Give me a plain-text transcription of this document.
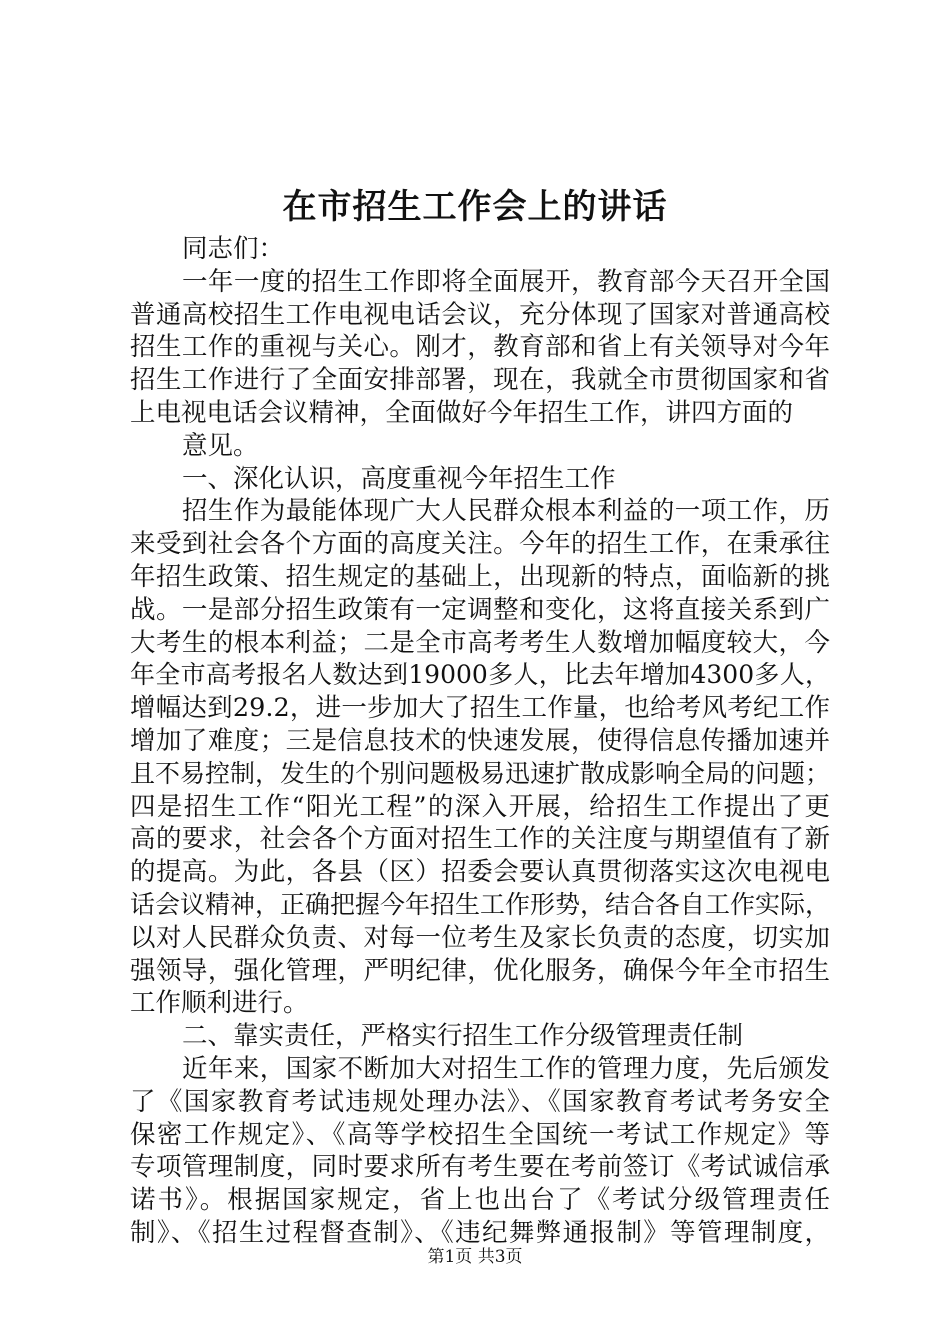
在市招生工作会上的讲话
同志们：
一年一度的招生工作即将全面展开，教育部今天召开全国
普通高校招生工作电视电话会议，充分体现了国家对普通高校
招生工作的重视与关心。刚才，教育部和省上有关领导对今年
招生工作进行了全面安排部署，现在，我就全市贯彻国家和省
上电视电话会议精神，全面做好今年招生工作，讲四方面的
意见。
一、深化认识，高度重视今年招生工作
招生作为最能体现广大人民群众根本利益的一项工作，历
来受到社会各个方面的高度关注。今年的招生工作，在秉承往
年招生政策、招生规定的基础上，出现新的特点，面临新的挑
战。一是部分招生政策有一定调整和变化，这将直接关系到广
大考生的根本利益；二是全市高考考生人数增加幅度较大，今
年全市高考报名人数达到19000多人，比去年增加4300多人，
增幅达到29.2，进一步加大了招生工作量，也给考风考纪工作
增加了难度；三是信息技术的快速发展，使得信息传播加速并
且不易控制，发生的个别问题极易迅速扩散成影响全局的问题；
四是招生工作“阳光工程”的深入开展，给招生工作提出了更
高的要求，社会各个方面对招生工作的关注度与期望值有了新
的提高。为此，各县（区）招委会要认真贯彻落实这次电视电
话会议精神，正确把握今年招生工作形势，结合各自工作实际，
以对人民群众负责、对每一位考生及家长负责的态度，切实加
强领导，强化管理，严明纪律，优化服务，确保今年全市招生
工作顺利进行。
二、靠实责任，严格实行招生工作分级管理责任制
近年来，国家不断加大对招生工作的管理力度，先后颁发
了《国家教育考试违规处理办法》、《国家教育考试考务安全
保密工作规定》、《高等学校招生全国统一考试工作规定》等
专项管理制度，同时要求所有考生要在考前签订《考试诚信承
诺书》。根据国家规定，省上也出台了《考试分级管理责任
制》、《招生过程督查制》、《违纪舞弊通报制》等管理制度，
第1页 共3页
